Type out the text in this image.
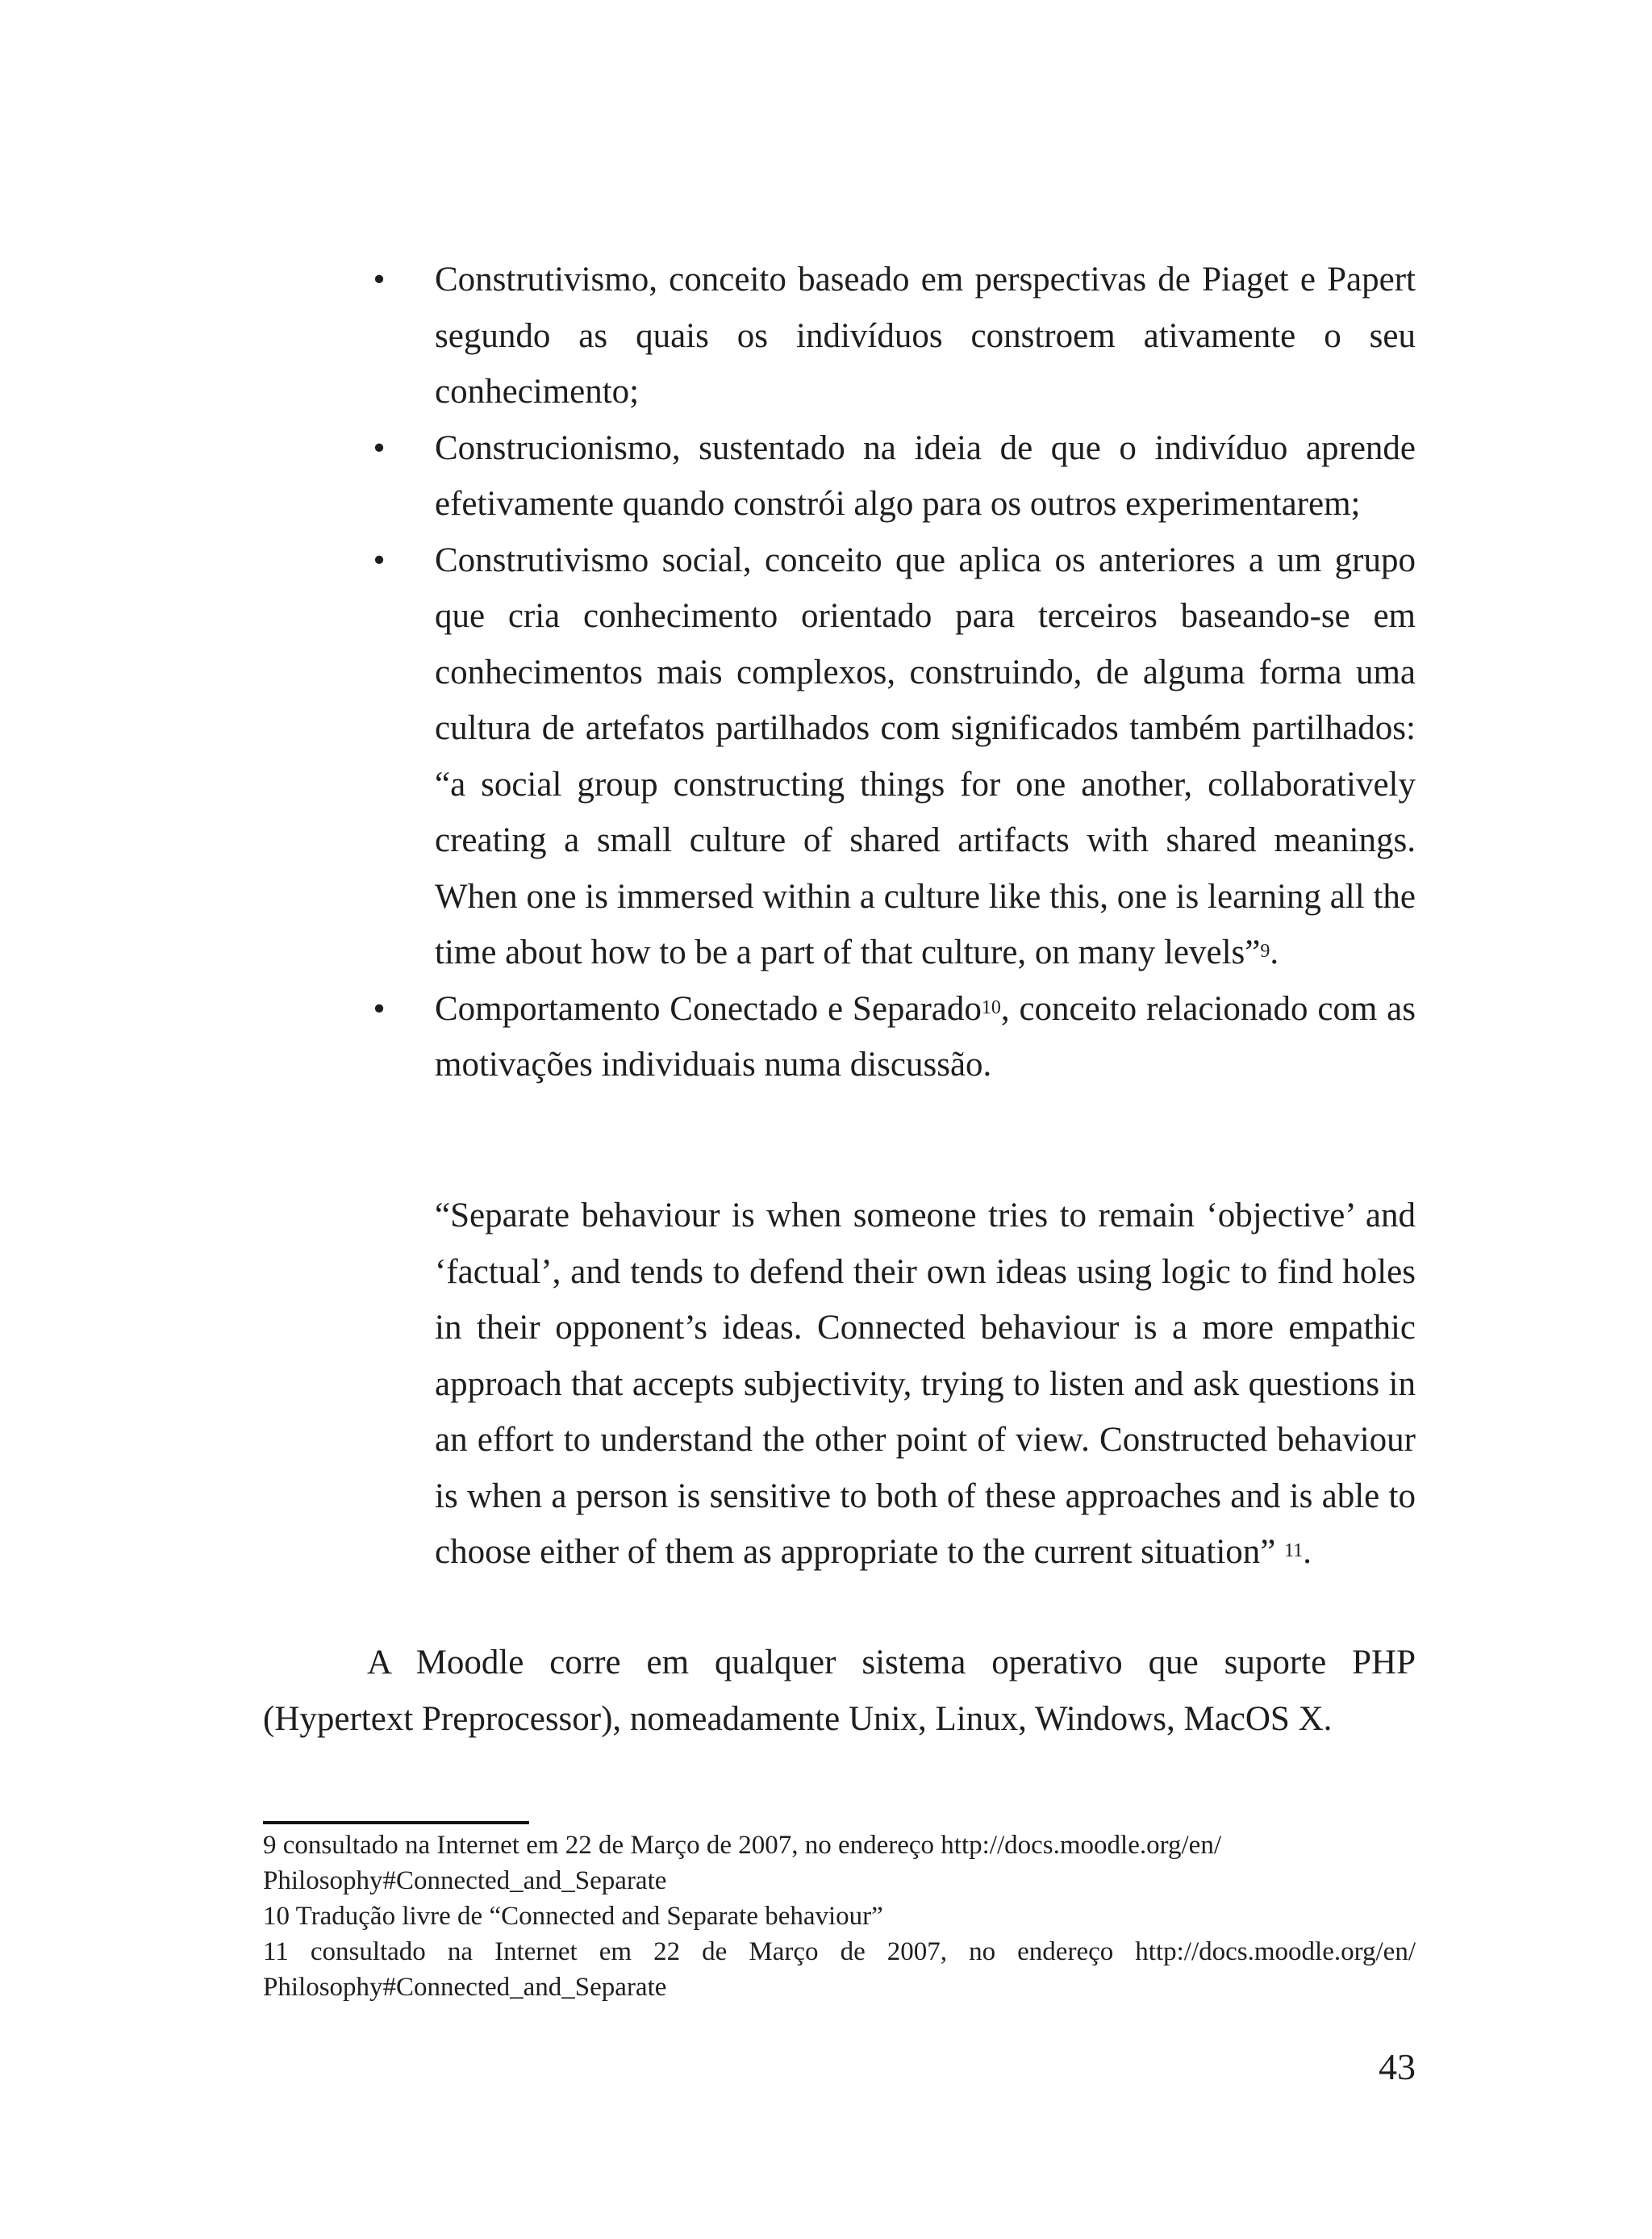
• Construtivismo, conceito baseado em perspectivas de Piaget e Papert segundo as quais os indivíduos constroem ativamente o seu conhecimento;
• Construcionismo, sustentado na ideia de que o indivíduo aprende efetivamente quando constrói algo para os outros experimentarem;
• Construtivismo social, conceito que aplica os anteriores a um grupo que cria conhecimento orientado para terceiros baseando-se em conhecimentos mais complexos, construindo, de alguma forma uma cultura de artefatos partilhados com significados também partilhados: “a social group constructing things for one another, collaboratively creating a small culture of shared artifacts with shared meanings. When one is immersed within a culture like this, one is learning all the time about how to be a part of that culture, on many levels”$^9$.
• Comportamento Conectado e Separado$^{10}$, conceito relacionado com as motivações individuais numa discussão.

“Separate behaviour is when someone tries to remain ‘objective’ and ‘factual’, and tends to defend their own ideas using logic to find holes in their opponent’s ideas. Connected behaviour is a more empathic approach that accepts subjectivity, trying to listen and ask questions in an effort to understand the other point of view. Constructed behaviour is when a person is sensitive to both of these approaches and is able to choose either of them as appropriate to the current situation” $^{11}$.

A Moodle corre em qualquer sistema operativo que suporte PHP (Hypertext Preprocessor), nomeadamente Unix, Linux, Windows, MacOS X.

9 consultado na Internet em 22 de Março de 2007, no endereço http://docs.moodle.org/en/
Philosophy#Connected_and_Separate

10 Tradução livre de “Connected and Separate behaviour”

11 consultado na Internet em 22 de Março de 2007, no endereço http://docs.moodle.org/en/
Philosophy#Connected_and_Separate

43
